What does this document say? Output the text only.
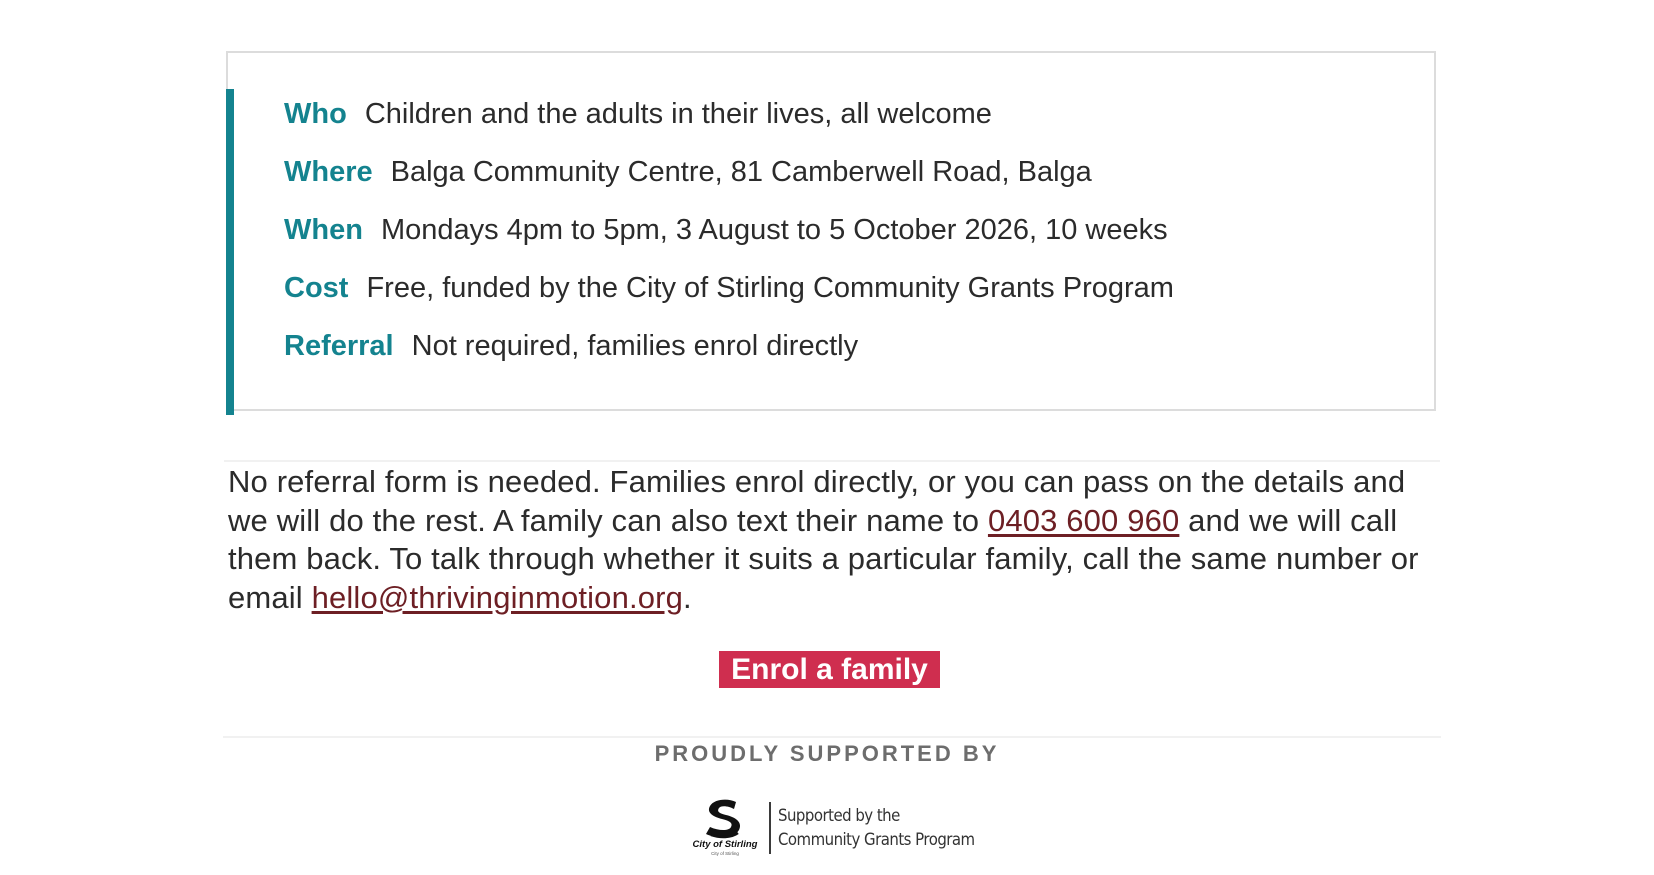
Who Children and the adults in their lives, all welcome
Where Balga Community Centre, 81 Camberwell Road, Balga
When Mondays 4pm to 5pm, 3 August to 5 October 2026, 10 weeks
Cost Free, funded by the City of Stirling Community Grants Program
Referral Not required, families enrol directly

No referral form is needed. Families enrol directly, or you can pass on the details and we will do the rest. A family can also text their name to 0403 600 960 and we will call them back. To talk through whether it suits a particular family, call the same number or email hello@thrivinginmotion.org.

Enrol a family
PROUDLY SUPPORTED BY
City of Stirling
City of Stirling
Supported by the
Community Grants Program
